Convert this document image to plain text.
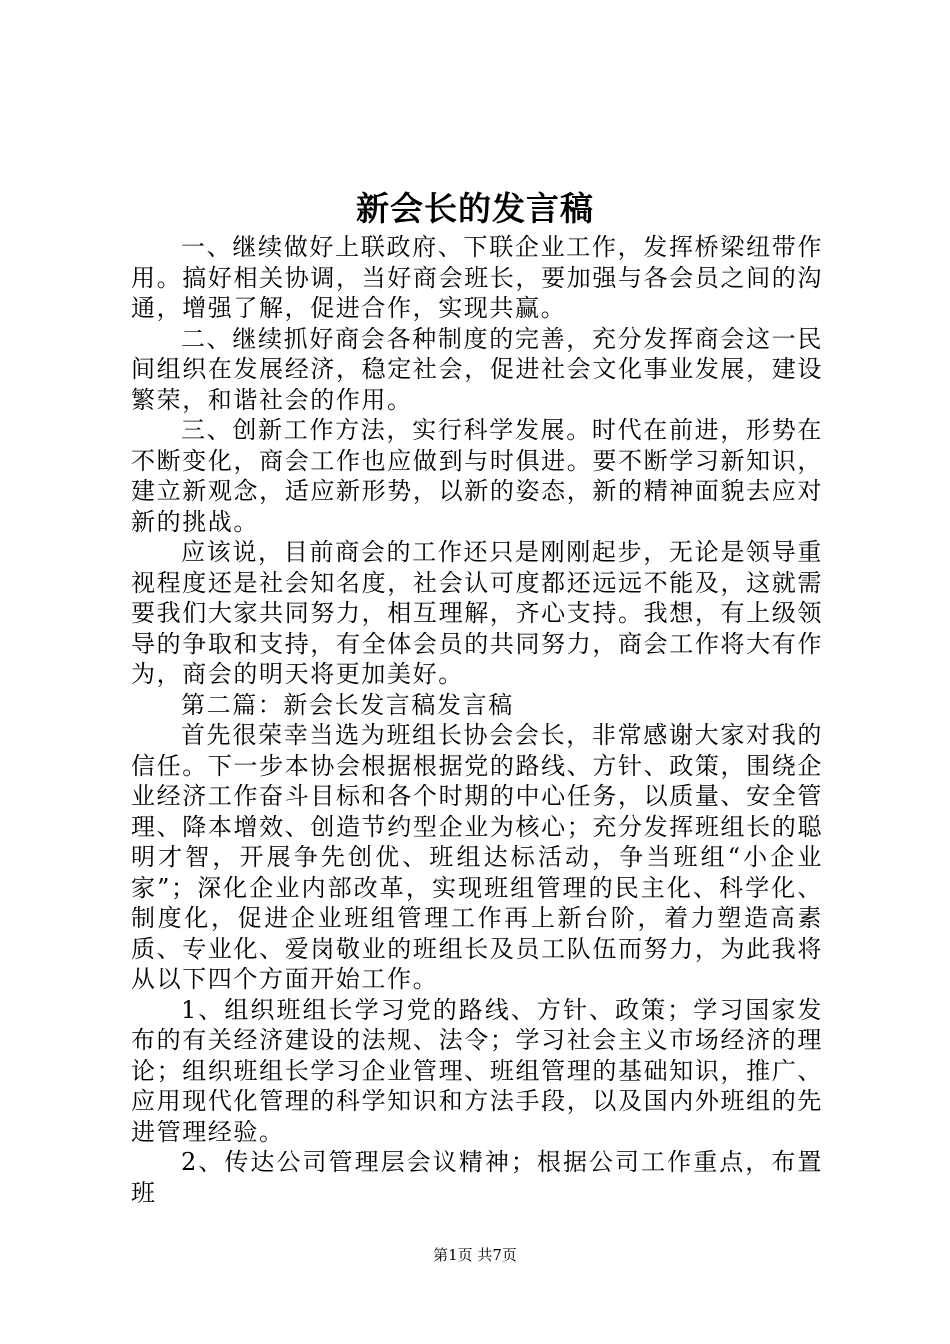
新会长的发言稿

一、继续做好上联政府、下联企业工作，发挥桥梁纽带作用。搞好相关协调，当好商会班长，要加强与各会员之间的沟通，增强了解，促进合作，实现共赢。

二、继续抓好商会各种制度的完善，充分发挥商会这一民间组织在发展经济，稳定社会，促进社会文化事业发展，建设繁荣，和谐社会的作用。

三、创新工作方法，实行科学发展。时代在前进，形势在不断变化，商会工作也应做到与时俱进。要不断学习新知识，建立新观念，适应新形势，以新的姿态，新的精神面貌去应对新的挑战。

应该说，目前商会的工作还只是刚刚起步，无论是领导重视程度还是社会知名度，社会认可度都还远远不能及，这就需要我们大家共同努力，相互理解，齐心支持。我想，有上级领导的争取和支持，有全体会员的共同努力，商会工作将大有作为，商会的明天将更加美好。

第二篇：新会长发言稿发言稿

首先很荣幸当选为班组长协会会长，非常感谢大家对我的信任。下一步本协会根据根据党的路线、方针、政策，围绕企业经济工作奋斗目标和各个时期的中心任务，以质量、安全管理、降本增效、创造节约型企业为核心；充分发挥班组长的聪明才智，开展争先创优、班组达标活动，争当班组“小企业家”；深化企业内部改革，实现班组管理的民主化、科学化、制度化，促进企业班组管理工作再上新台阶，着力塑造高素质、专业化、爱岗敬业的班组长及员工队伍而努力，为此我将从以下四个方面开始工作。

1、组织班组长学习党的路线、方针、政策；学习国家发布的有关经济建设的法规、法令；学习社会主义市场经济的理论；组织班组长学习企业管理、班组管理的基础知识，推广、应用现代化管理的科学知识和方法手段，以及国内外班组的先进管理经验。

2、传达公司管理层会议精神；根据公司工作重点，布置班

第1页 共7页
